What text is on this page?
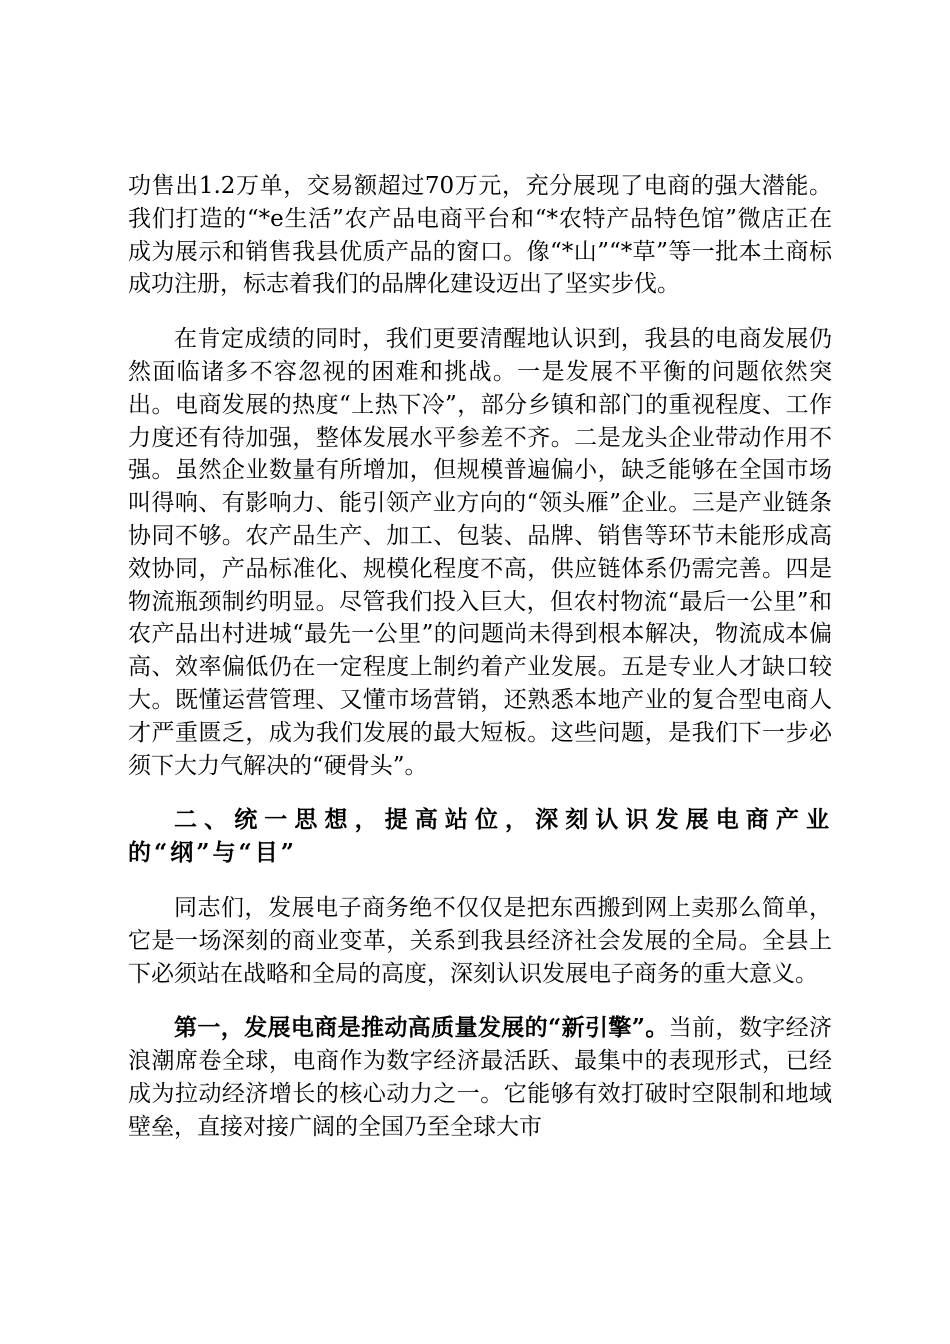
功售出1.2万单，交易额超过70万元，充分展现了电商的强大潜能。我们打造的“*e生活”农产品电商平台和“*农特产品特色馆”微店正在成为展示和销售我县优质产品的窗口。像“*山”“*草”等一批本土商标成功注册，标志着我们的品牌化建设迈出了坚实步伐。

在肯定成绩的同时，我们更要清醒地认识到，我县的电商发展仍然面临诸多不容忽视的困难和挑战。一是发展不平衡的问题依然突出。电商发展的热度“上热下冷”，部分乡镇和部门的重视程度、工作力度还有待加强，整体发展水平参差不齐。二是龙头企业带动作用不强。虽然企业数量有所增加，但规模普遍偏小，缺乏能够在全国市场叫得响、有影响力、能引领产业方向的“领头雁”企业。三是产业链条协同不够。农产品生产、加工、包装、品牌、销售等环节未能形成高效协同，产品标准化、规模化程度不高，供应链体系仍需完善。四是物流瓶颈制约明显。尽管我们投入巨大，但农村物流“最后一公里”和农产品出村进城“最先一公里”的问题尚未得到根本解决，物流成本偏高、效率偏低仍在一定程度上制约着产业发展。五是专业人才缺口较大。既懂运营管理、又懂市场营销，还熟悉本地产业的复合型电商人才严重匮乏，成为我们发展的最大短板。这些问题，是我们下一步必须下大力气解决的“硬骨头”。

二、统一思想，提高站位，深刻认识发展电商产业的“纲”与“目”

同志们，发展电子商务绝不仅仅是把东西搬到网上卖那么简单，它是一场深刻的商业变革，关系到我县经济社会发展的全局。全县上下必须站在战略和全局的高度，深刻认识发展电子商务的重大意义。

第一，发展电商是推动高质量发展的“新引擎”。当前，数字经济浪潮席卷全球，电商作为数字经济最活跃、最集中的表现形式，已经成为拉动经济增长的核心动力之一。它能够有效打破时空限制和地域壁垒，直接对接广阔的全国乃至全球大市
